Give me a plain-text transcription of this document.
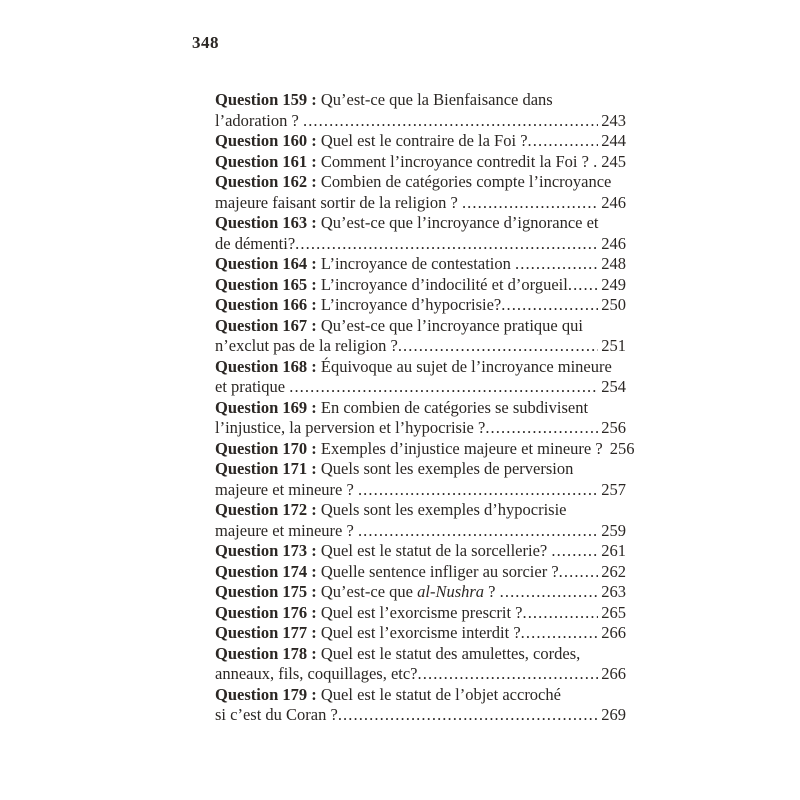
348
Question 159 : Qu’est-ce que la Bienfaisance dans
l’adoration ? .....	243
Question 160 : Quel est le contraire de la Foi ? .....	244
Question 161 : Comment l’incroyance contredit la Foi ? ..... 245
Question 162 : Combien de catégories compte l’incroyance
majeure faisant sortir de la religion ? .....	246
Question 163 : Qu’est-ce que l’incroyance d’ignorance et
de démenti? .....	246
Question 164 : L’incroyance de contestation .....	248
Question 165 : L’incroyance d’indocilité et d’orgueil ..... 249
Question 166 : L’incroyance d’hypocrisie? .....	250
Question 167 : Qu’est-ce que l’incroyance pratique qui
n’exclut pas de la religion ? .....	251
Question 168 : Équivoque au sujet de l’incroyance mineure
et pratique .....	254
Question 169 : En combien de catégories se subdivisent
l’injustice, la perversion et l’hypocrisie ? .....	256
Question 170 : Exemples d’injustice majeure et mineure ? 256
Question 171 : Quels sont les exemples de perversion
majeure et mineure ? .....	257
Question 172 : Quels sont les exemples d’hypocrisie
majeure et mineure ? .....	259
Question 173 : Quel est le statut de la sorcellerie? .....	261
Question 174 : Quelle sentence infliger au sorcier ? .....	262
Question 175 : Qu’est-ce que al-Nushra ? .....	263
Question 176 : Quel est l’exorcisme prescrit ? .....	265
Question 177 : Quel est l’exorcisme interdit ? .....	266
Question 178 : Quel est le statut des amulettes, cordes,
anneaux, fils, coquillages, etc? .....	266
Question 179 : Quel est le statut de l’objet accroché
si c’est du Coran ? .....	269
